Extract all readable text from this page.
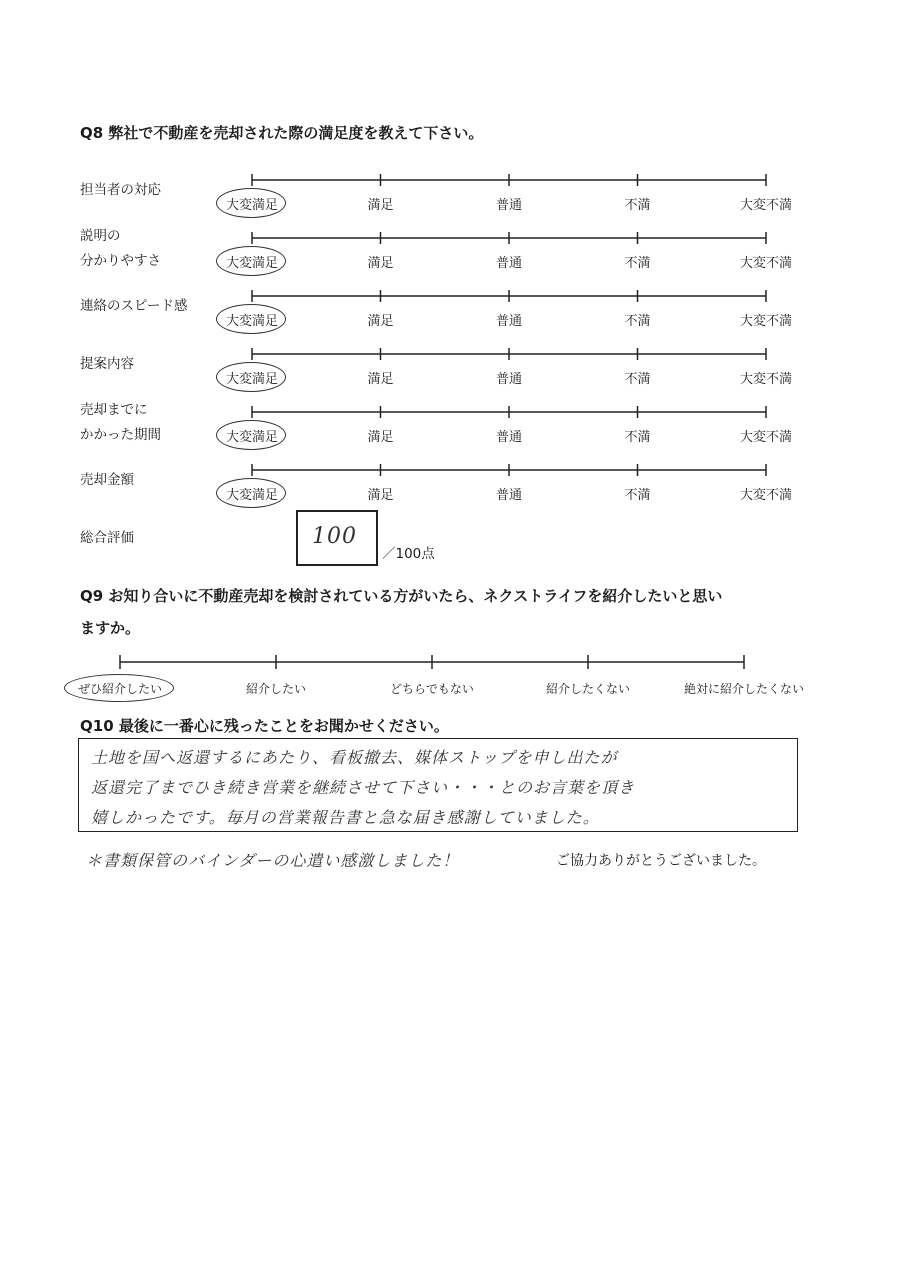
Q8 弊社で不動産を売却された際の満足度を教えて下さい。
担当者の対応
大変満足	満足	普通	不満	大変不満
説明の
分かりやすさ	大変満足	満足	普通	不満	大変不満
連絡のスピード感
大変満足	満足	普通	不満	大変不満
提案内容
大変満足	満足	普通	不満	大変不満
売却までに
かかった期間	大変満足	満足	普通	不満	大変不満
売却金額
大変満足	満足	普通	不満	大変不満
総合評価	100
／100点
Q9 お知り合いに不動産売却を検討されている方がいたら、ネクストライフを紹介したいと思い
ますか。
ぜひ紹介したい	紹介したい	どちらでもない	紹介したくない	絶対に紹介したくない
Q10 最後に一番心に残ったことをお聞かせください。
土地を国へ返還するにあたり、看板撤去、媒体ストップを申し出たが
返還完了までひき続き営業を継続させて下さい・・・とのお言葉を頂き
嬉しかったです。毎月の営業報告書と急な届き感謝していました。
＊書類保管のバインダーの心遣い感激しました！	ご協力ありがとうございました。
